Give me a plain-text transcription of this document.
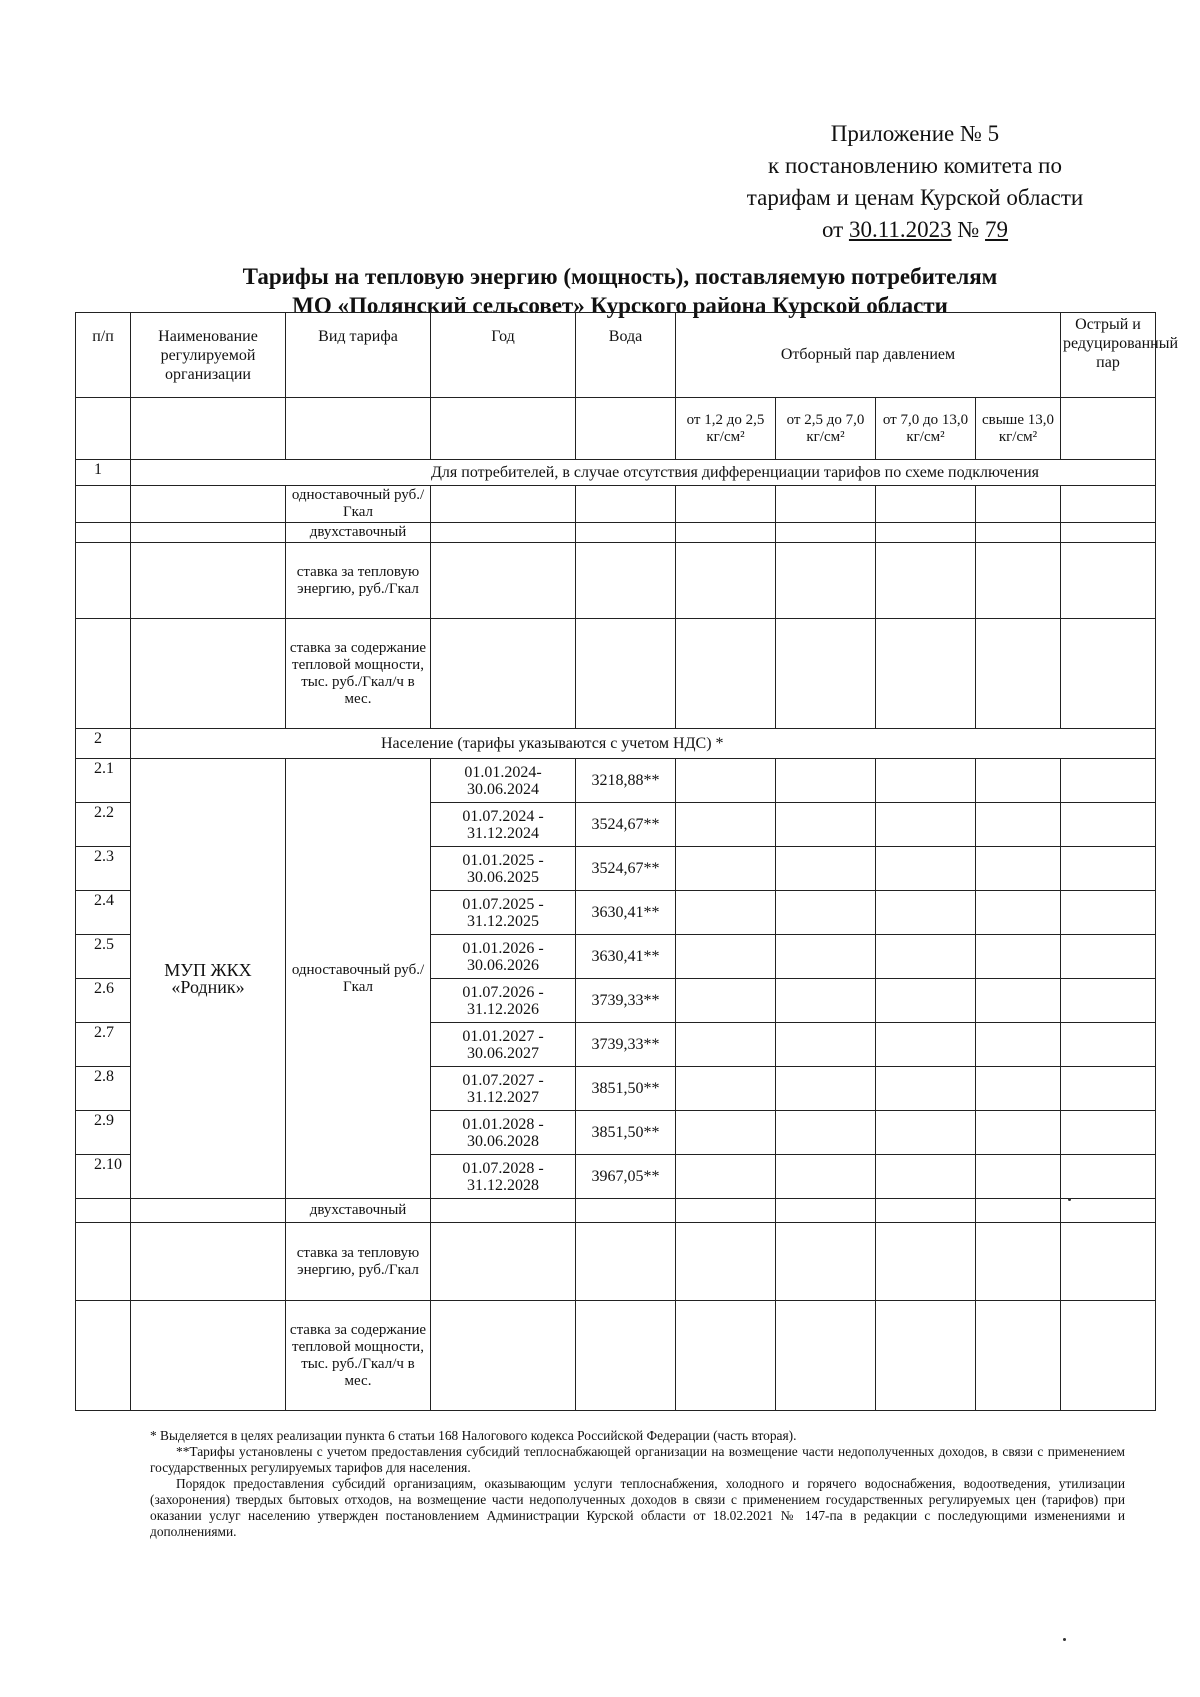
Приложение № 5
к постановлению комитета по
тарифам и ценам Курской области
от 30.11.2023 № 79
Тарифы на тепловую энергию (мощность), поставляемую потребителям
МО «Полянский сельсовет» Курского района Курской области
п/п	Наименование регулируемой организации	Вид тарифа	Год	Вода	Отборный пар давлением				Острый и редуцированный пар
					от 1,2 до 2,5 кг/см²	от 2,5 до 7,0 кг/см²	от 7,0 до 13,0 кг/см²	свыше 13,0 кг/см²	
1	Для потребителей, в случае отсутствия дифференциации тарифов по схеме подключения								
		одноставочный руб./Гкал							
		двухставочный							
		ставка за тепловую энергию, руб./Гкал							
		ставка за содержание тепловой мощности, тыс. руб./Гкал/ч в мес.							
2	Население (тарифы указываются с учетом НДС) *								
2.1	МУП ЖКХ «Родник»	одноставочный руб./Гкал	01.01.2024- 30.06.2024	3218,88**					
2.2			01.07.2024 - 31.12.2024	3524,67**					
2.3			01.01.2025 - 30.06.2025	3524,67**					
2.4			01.07.2025 - 31.12.2025	3630,41**					
2.5			01.01.2026 - 30.06.2026	3630,41**					
2.6			01.07.2026 - 31.12.2026	3739,33**					
2.7			01.01.2027 - 30.06.2027	3739,33**					
2.8			01.07.2027 - 31.12.2027	3851,50**					
2.9			01.01.2028 - 30.06.2028	3851,50**					
2.10			01.07.2028 - 31.12.2028	3967,05**					
		двухставочный							
		ставка за тепловую энергию, руб./Гкал							
		ставка за содержание тепловой мощности, тыс. руб./Гкал/ч в мес.							

* Выделяется в целях реализации пункта 6 статьи 168 Налогового кодекса Российской Федерации (часть вторая).

**Тарифы установлены с учетом предоставления субсидий теплоснабжающей организации на возмещение части недополученных доходов, в связи с применением государственных регулируемых тарифов для населения.

Порядок предоставления субсидий организациям, оказывающим услуги теплоснабжения, холодного и горячего водоснабжения, водоотведения, утилизации (захоронения) твердых бытовых отходов, на возмещение части недополученных доходов в связи с применением государственных регулируемых цен (тарифов) при оказании услуг населению утвержден постановлением Администрации Курской области от 18.02.2021 № 147-па в редакции с последующими изменениями и дополнениями.
